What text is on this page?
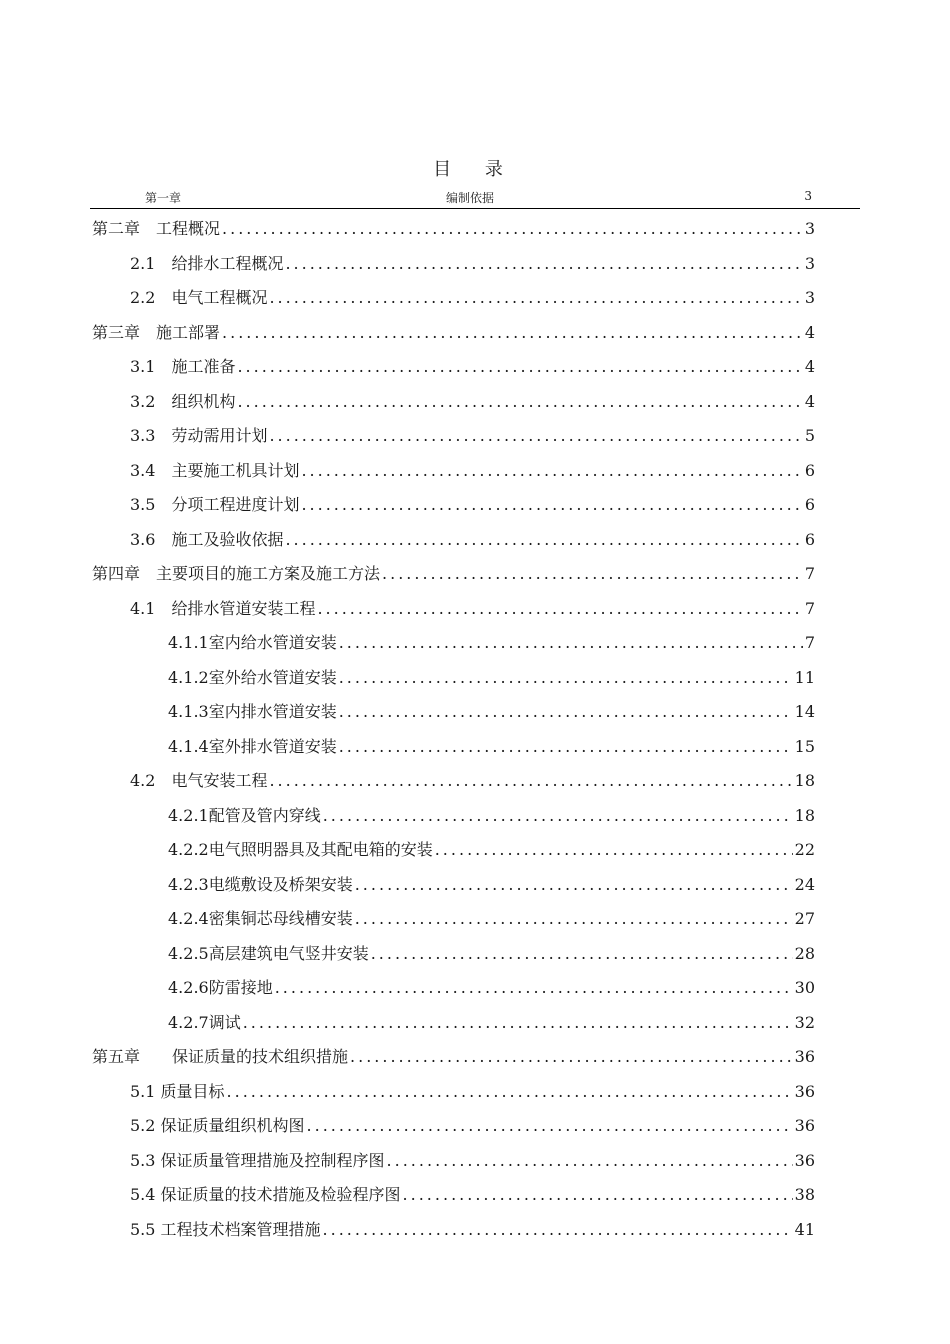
目 录
第一章	编制依据	3
第二章　工程概况 .....	3
2.1　给排水工程概况 .....	3
2.2　电气工程概况 .....	3
第三章　施工部署 .....	4
3.1　施工准备 .....	4
3.2　组织机构 .....	4
3.3　劳动需用计划 .....	5
3.4　主要施工机具计划 .....	6
3.5　分项工程进度计划 .....	6
3.6　施工及验收依据 .....	6
第四章　主要项目的施工方案及施工方法 .....	7
4.1　给排水管道安装工程 .....	7
4.1.1室内给水管道安装 .....	7
4.1.2室外给水管道安装 .....	11
4.1.3室内排水管道安装 .....	14
4.1.4室外排水管道安装 .....	15
4.2　电气安装工程 .....	18
4.2.1配管及管内穿线 .....	18
4.2.2电气照明器具及其配电箱的安装 .....	22
4.2.3电缆敷设及桥架安装 .....	24
4.2.4密集铜芯母线槽安装 .....	27
4.2.5高层建筑电气竖井安装 .....	28
4.2.6防雷接地 .....	30
4.2.7调试 .....	32
第五章　　保证质量的技术组织措施 .....	36
5.1 质量目标 .....	36
5.2 保证质量组织机构图 .....	36
5.3 保证质量管理措施及控制程序图 .....	36
5.4 保证质量的技术措施及检验程序图 .....	38
5.5 工程技术档案管理措施 .....	41
